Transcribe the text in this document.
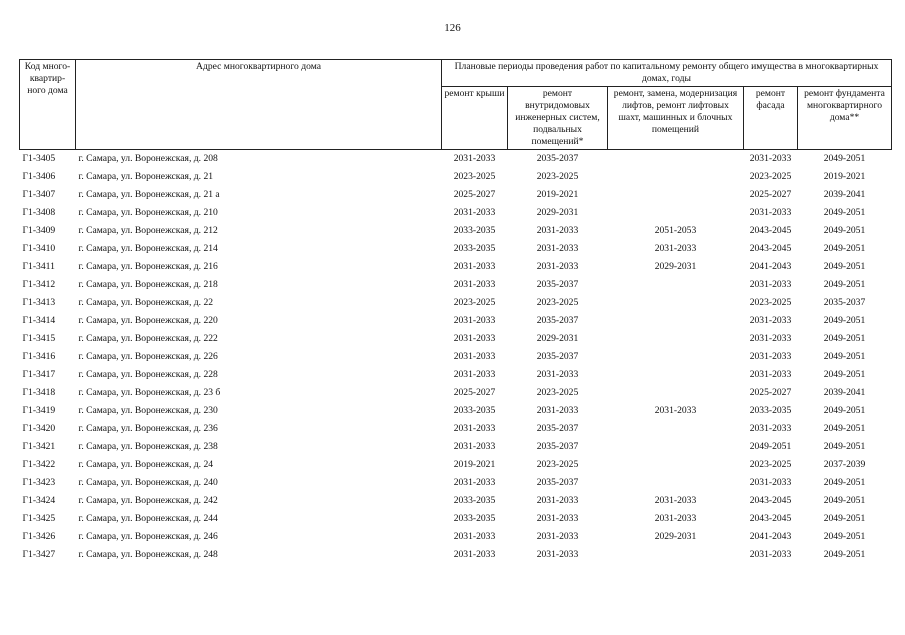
126
Код много-квартир-ного дома	Адрес многоквартирного дома	Плановые периоды проведения работ по капитальному ремонту общего имущества в многоквартирных домах, годы				
		ремонт крыши	ремонт внутридомовых инженерных систем, подвальных помещений*	ремонт, замена, модернизация лифтов, ремонт лифтовых шахт, машинных и блочных помещений	ремонт фасада	ремонт фундамента многоквартирного дома**
Г1-3405	г. Самара, ул. Воронежская, д. 208	2031-2033	2035-2037		2031-2033	2049-2051
Г1-3406	г. Самара, ул. Воронежская, д. 21	2023-2025	2023-2025		2023-2025	2019-2021
Г1-3407	г. Самара, ул. Воронежская, д. 21 а	2025-2027	2019-2021		2025-2027	2039-2041
Г1-3408	г. Самара, ул. Воронежская, д. 210	2031-2033	2029-2031		2031-2033	2049-2051
Г1-3409	г. Самара, ул. Воронежская, д. 212	2033-2035	2031-2033	2051-2053	2043-2045	2049-2051
Г1-3410	г. Самара, ул. Воронежская, д. 214	2033-2035	2031-2033	2031-2033	2043-2045	2049-2051
Г1-3411	г. Самара, ул. Воронежская, д. 216	2031-2033	2031-2033	2029-2031	2041-2043	2049-2051
Г1-3412	г. Самара, ул. Воронежская, д. 218	2031-2033	2035-2037		2031-2033	2049-2051
Г1-3413	г. Самара, ул. Воронежская, д. 22	2023-2025	2023-2025		2023-2025	2035-2037
Г1-3414	г. Самара, ул. Воронежская, д. 220	2031-2033	2035-2037		2031-2033	2049-2051
Г1-3415	г. Самара, ул. Воронежская, д. 222	2031-2033	2029-2031		2031-2033	2049-2051
Г1-3416	г. Самара, ул. Воронежская, д. 226	2031-2033	2035-2037		2031-2033	2049-2051
Г1-3417	г. Самара, ул. Воронежская, д. 228	2031-2033	2031-2033		2031-2033	2049-2051
Г1-3418	г. Самара, ул. Воронежская, д. 23 б	2025-2027	2023-2025		2025-2027	2039-2041
Г1-3419	г. Самара, ул. Воронежская, д. 230	2033-2035	2031-2033	2031-2033	2033-2035	2049-2051
Г1-3420	г. Самара, ул. Воронежская, д. 236	2031-2033	2035-2037		2031-2033	2049-2051
Г1-3421	г. Самара, ул. Воронежская, д. 238	2031-2033	2035-2037		2049-2051	2049-2051
Г1-3422	г. Самара, ул. Воронежская, д. 24	2019-2021	2023-2025		2023-2025	2037-2039
Г1-3423	г. Самара, ул. Воронежская, д. 240	2031-2033	2035-2037		2031-2033	2049-2051
Г1-3424	г. Самара, ул. Воронежская, д. 242	2033-2035	2031-2033	2031-2033	2043-2045	2049-2051
Г1-3425	г. Самара, ул. Воронежская, д. 244	2033-2035	2031-2033	2031-2033	2043-2045	2049-2051
Г1-3426	г. Самара, ул. Воронежская, д. 246	2031-2033	2031-2033	2029-2031	2041-2043	2049-2051
Г1-3427	г. Самара, ул. Воронежская, д. 248	2031-2033	2031-2033		2031-2033	2049-2051
